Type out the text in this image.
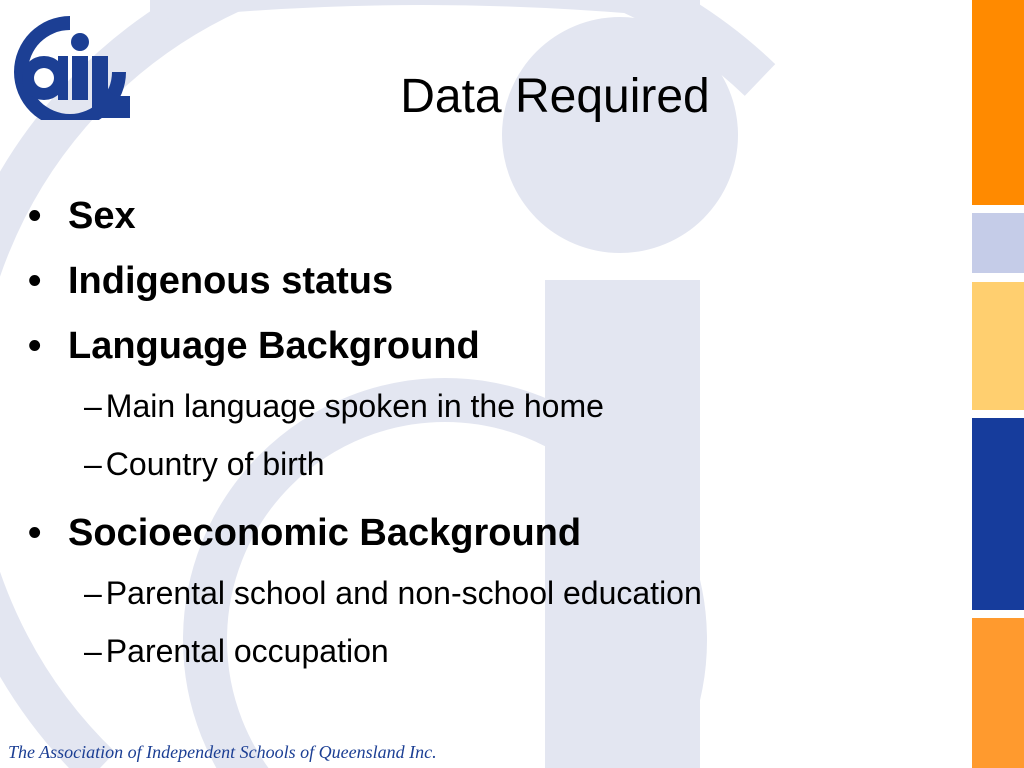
Data Required
• Sex
• Indigenous status
• Language Background
– Main language spoken in the home
– Country of birth
• Socioeconomic Background
– Parental school and non-school education
– Parental occupation
The Association of Independent Schools of Queensland Inc.
